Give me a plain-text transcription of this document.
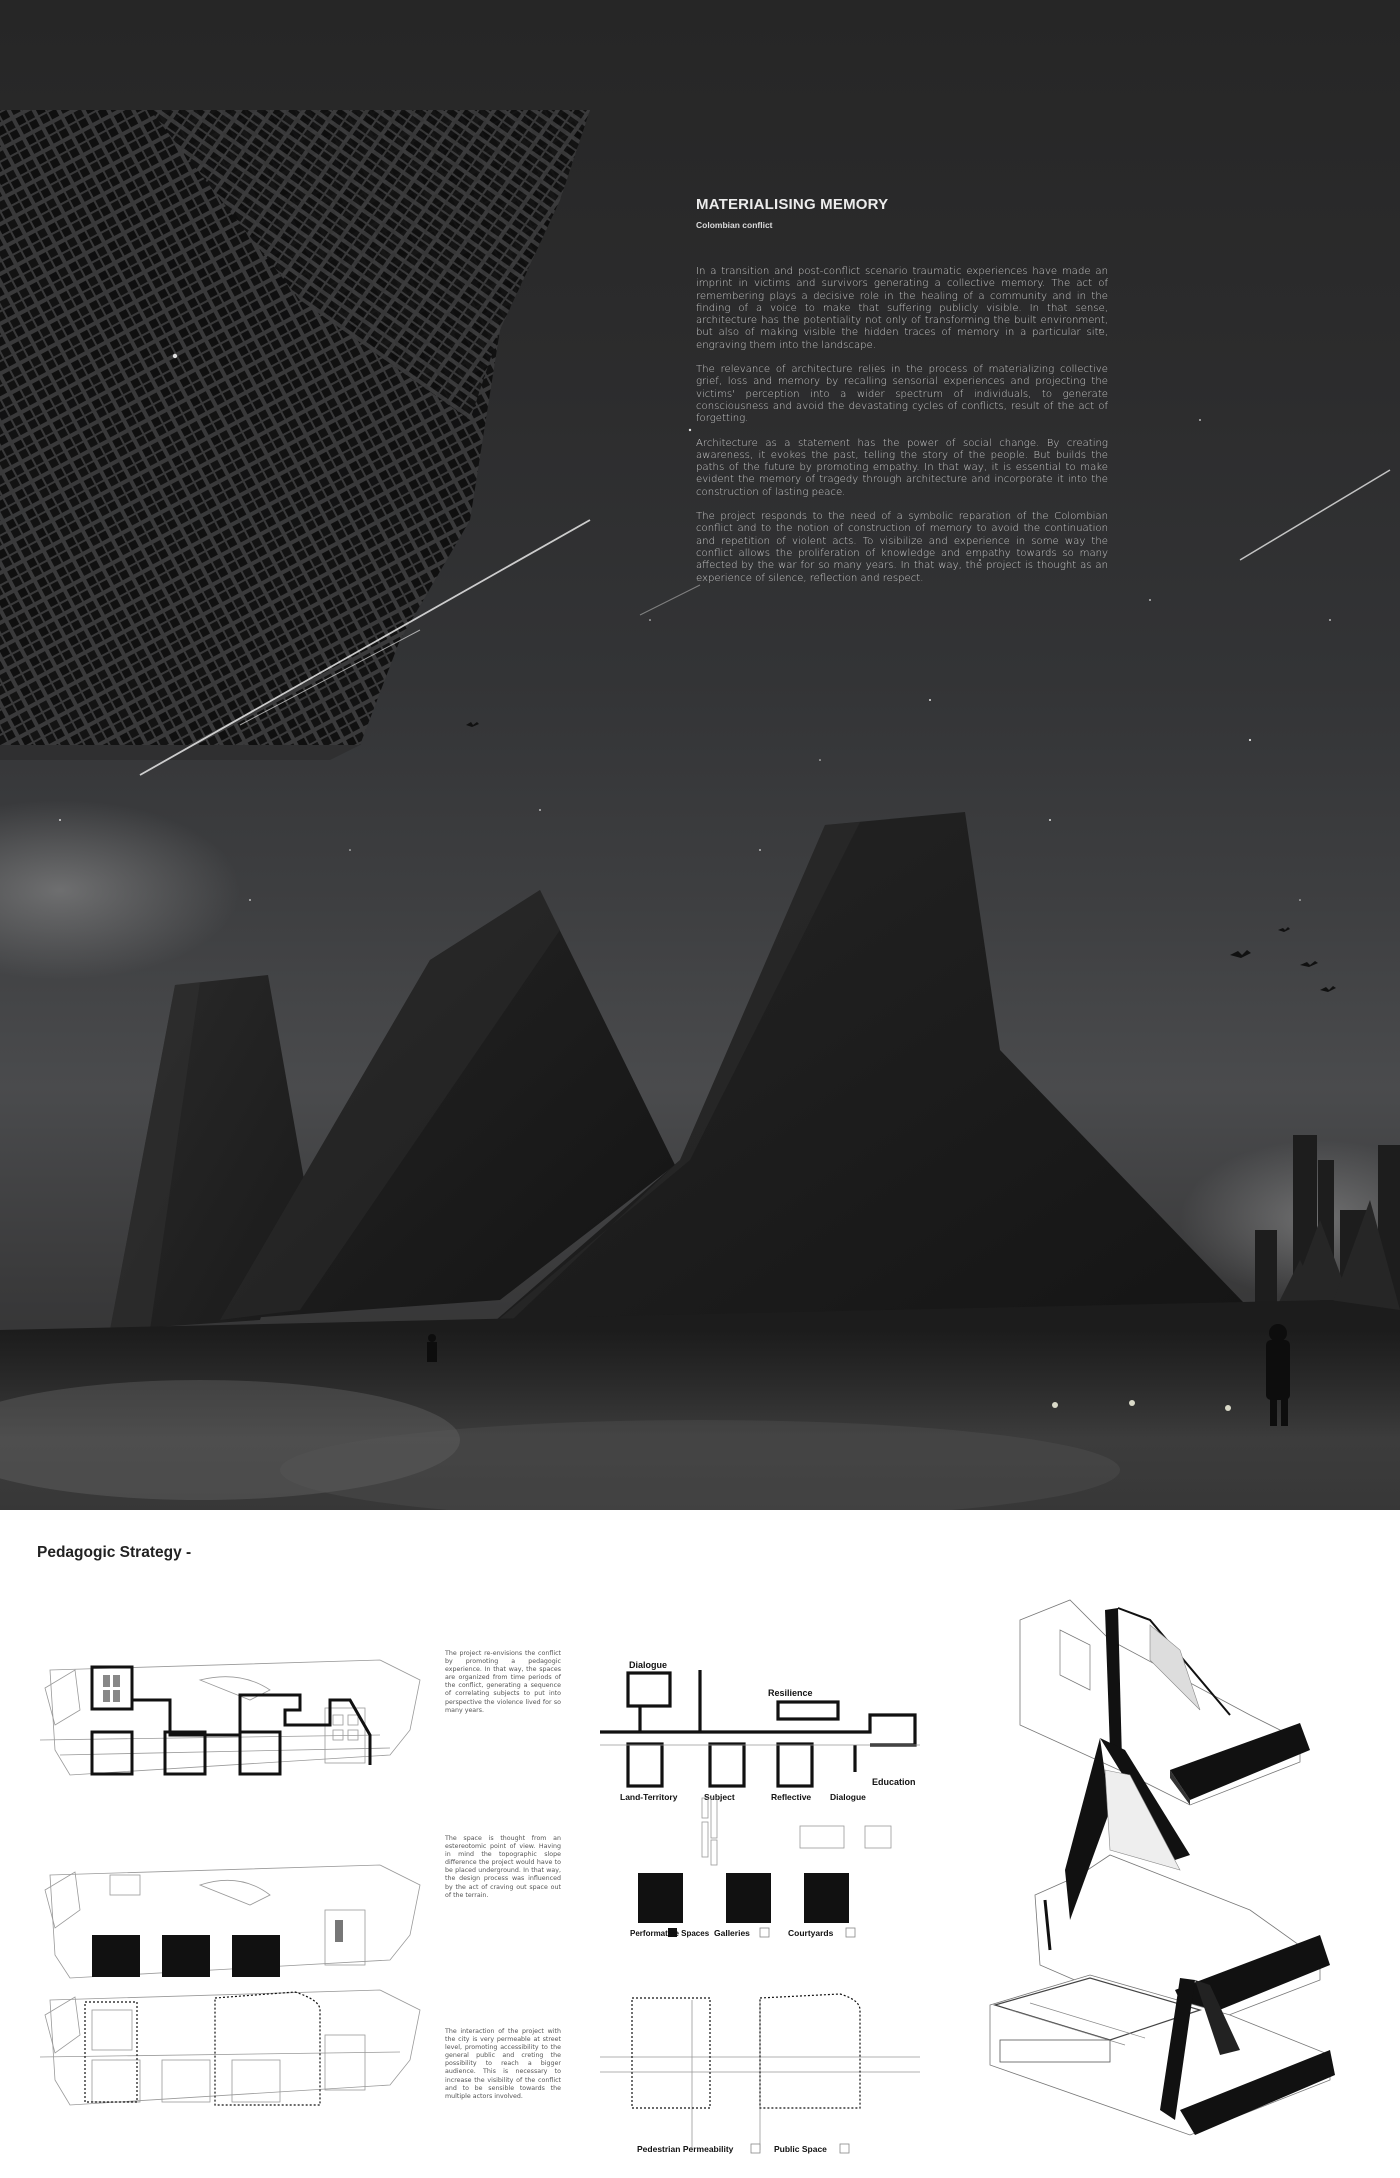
MATERIALISING MEMORY
Colombian conflict

In a transition and post-conflict scenario traumatic experiences have made an imprint in victims and survivors generating a collective memory. The act of remembering plays a decisive role in the healing of a community and in the finding of a voice to make that suffering publicly visible. In that sense, architecture has the potentiality not only of transforming the built environment, but also of making visible the hidden traces of memory in a particular site, engraving them into the landscape.

The relevance of architecture relies in the process of materializing collective grief, loss and memory by recalling sensorial experiences and projecting the victims' perception into a wider spectrum of individuals, to generate consciousness and avoid the devastating cycles of conflicts, result of the act of forgetting.

Architecture as a statement has the power of social change. By creating awareness, it evokes the past, telling the story of the people. But builds the paths of the future by promoting empathy. In that way, it is essential to make evident the memory of tragedy through architecture and incorporate it into the construction of lasting peace.

The project responds to the need of a symbolic reparation of the Colombian conflict and to the notion of construction of memory to avoid the continuation and repetition of violent acts. To visibilize and experience in some way the conflict allows the proliferation of knowledge and empathy towards so many affected by the war for so many years. In that way, the project is thought as an experience of silence, reflection and respect.

Pedagogic Strategy -
The project re-envisions the conflict by promoting a pedagogic experience. In that way, the spaces are organized from time periods of the conflict, generating a sequence of correlating subjects to put into perspective the violence lived for so many years.
The space is thought from an estereotomic point of view. Having in mind the topographic slope difference the project would have to be placed underground. In that way, the design process was influenced by the act of craving out space out of the terrain.
The interaction of the project with the city is very permeable at street level, promoting accessibility to the general public and creting the possibility to reach a bigger audience. This is necessary to increase the visibility of the conflict and to be sensible towards the multiple actors involved.
Dialogue
Resilience
Education
Land-Territory	Subject	Reflective Dialogue
Performative Spaces Galleries	Courtyards
Pedestrian Permeability	Public Space
